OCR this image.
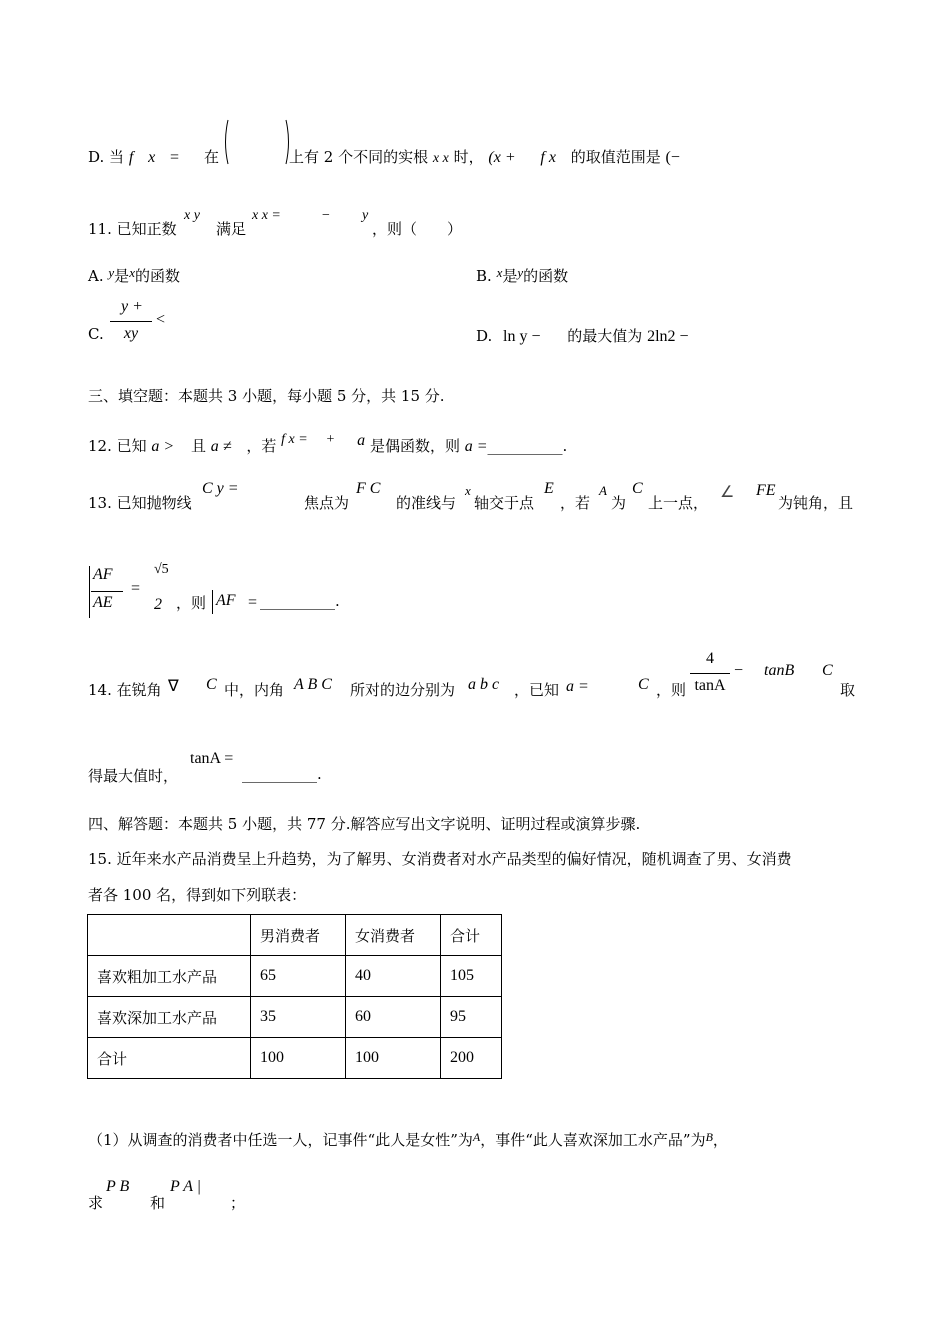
D. 当 f x = 在	上有 2 个不同的实根 x x 时， (x + f x 的取值范围是 (−
11. 已知正数
x y
满足
x x =	− y
，则（　　）
A. y是x的函数	B. x是y的函数
C.
y +
xy
<
D. ln y − 的最大值为 2ln2 −
三、填空题：本题共 3 小题，每小题 5 分，共 15 分.
12. 已知 a > 且 a ≠ ，若 f x = + a 是偶函数，则 a =__________.
13. 已知抛物线
C y =
焦点为
F C
的准线与
x
轴交于点
E
，若
A
为
C
上一点，
∠ FE
为钝角，且
AF
AE
=
√5
2 ，则 AF = __________.
14. 在锐角 ∇ C 中，内角 A B C 所对的边分别为 a b c ，已知 a =	C ，则
4
tanA
− tanB C
取
得最大值时，
tanA =
__________.
四、解答题：本题共 5 小题，共 77 分.解答应写出文字说明、证明过程或演算步骤.
15. 近年来水产品消费呈上升趋势，为了解男、女消费者对水产品类型的偏好情况，随机调查了男、女消费
者各 100 名，得到如下列联表：
	男消费者	女消费者	合计
喜欢粗加工水产品	65	40	105
喜欢深加工水产品	35	60	95
合计	100	100	200
（1）从调查的消费者中任选一人，记事件“此人是女性”为$^A$，事件“此人喜欢深加工水产品”为$^B$，
求
P B
和
P A |
；
